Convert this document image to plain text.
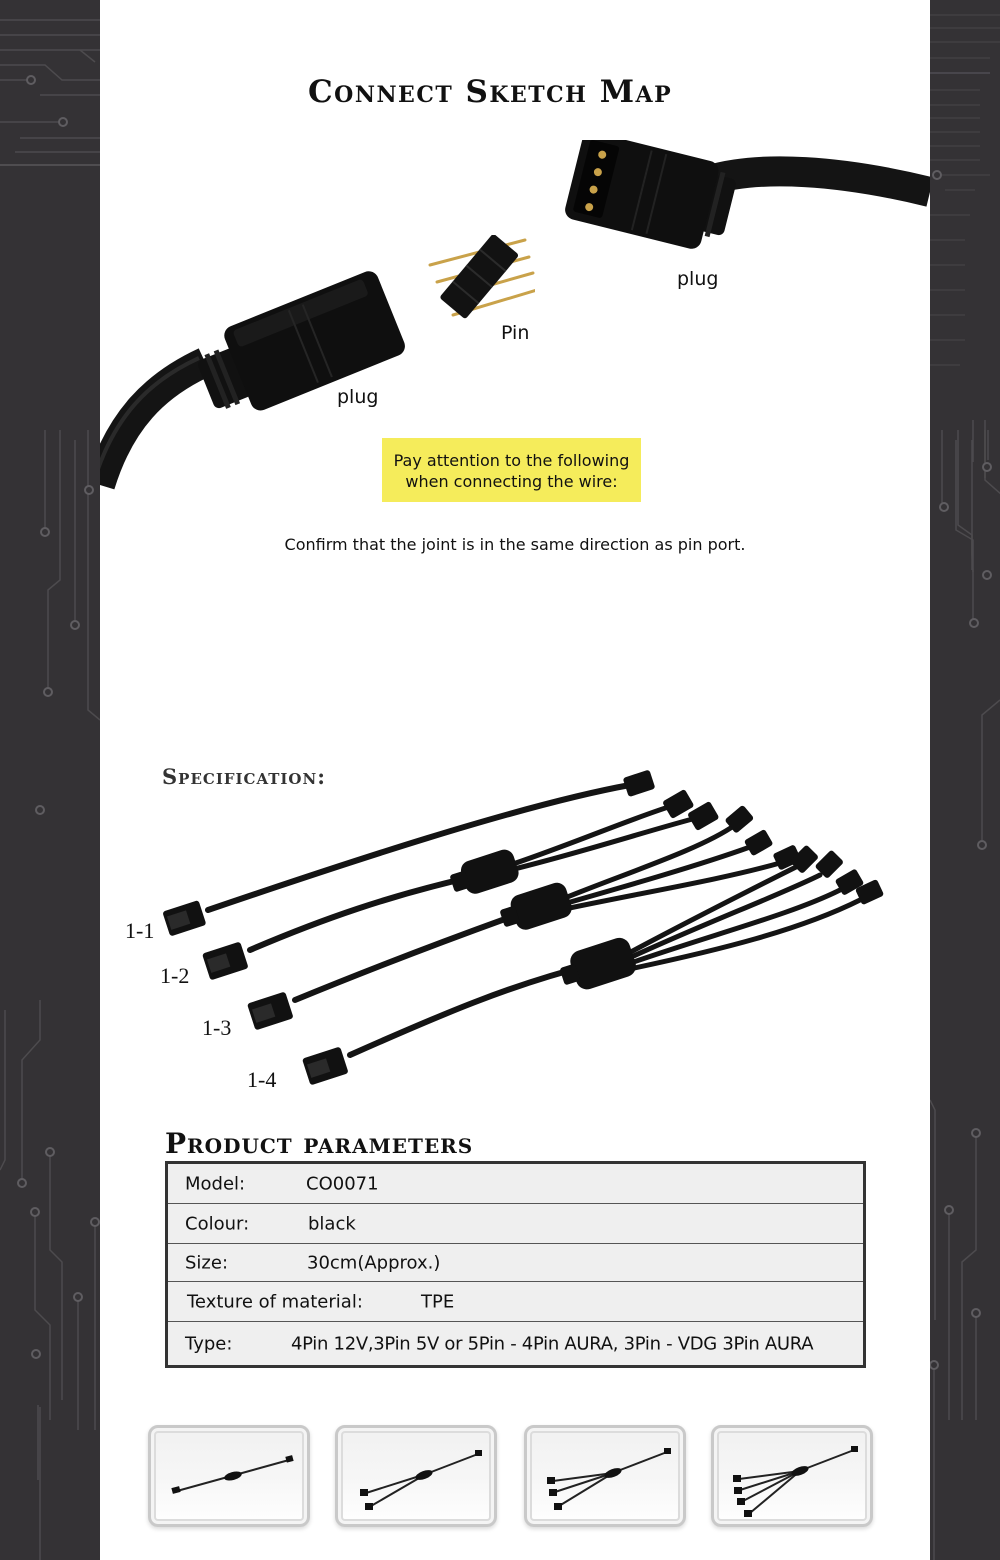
Connect Sketch Map
plug
Pin
plug
Pay attention to the following
when connecting the wire:
Confirm that the joint is in the same direction as pin port.
Specification:
1-1
1-2
1-3
1-4
Product parameters
Model:	CO0071
Colour:	black
Size:	30cm(Approx.)
Texture of material:	TPE
Type:	4Pin 12V,3Pin 5V or 5Pin - 4Pin AURA, 3Pin - VDG 3Pin AURA
